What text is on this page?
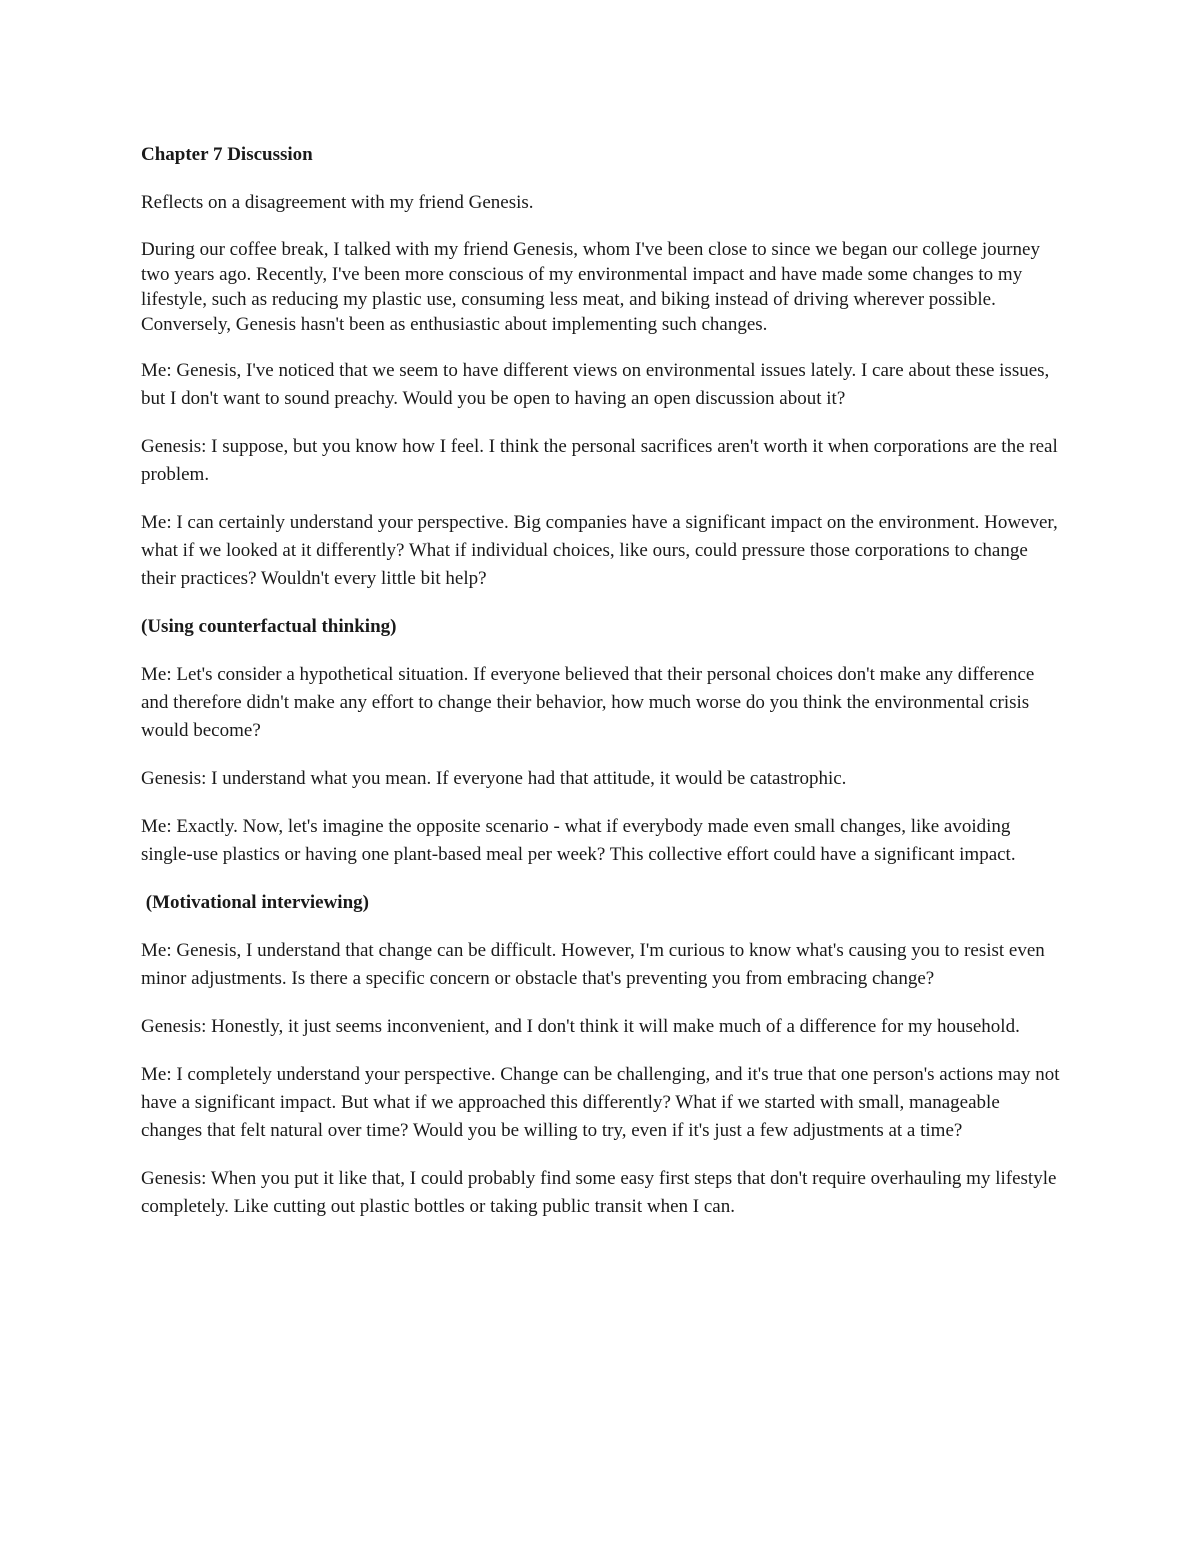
Chapter 7 Discussion

Reflects on a disagreement with my friend Genesis.

During our coffee break, I talked with my friend Genesis, whom I've been close to since we began our college journey two years ago. Recently, I've been more conscious of my environmental impact and have made some changes to my lifestyle, such as reducing my plastic use, consuming less meat, and biking instead of driving wherever possible. Conversely, Genesis hasn't been as enthusiastic about implementing such changes.

Me: Genesis, I've noticed that we seem to have different views on environmental issues lately. I care about these issues, but I don't want to sound preachy. Would you be open to having an open discussion about it?

Genesis: I suppose, but you know how I feel. I think the personal sacrifices aren't worth it when corporations are the real problem.

Me: I can certainly understand your perspective. Big companies have a significant impact on the environment. However, what if we looked at it differently? What if individual choices, like ours, could pressure those corporations to change their practices? Wouldn't every little bit help?

(Using counterfactual thinking)

Me: Let's consider a hypothetical situation. If everyone believed that their personal choices don't make any difference and therefore didn't make any effort to change their behavior, how much worse do you think the environmental crisis would become?

Genesis: I understand what you mean. If everyone had that attitude, it would be catastrophic.

Me: Exactly. Now, let's imagine the opposite scenario - what if everybody made even small changes, like avoiding single-use plastics or having one plant-based meal per week? This collective effort could have a significant impact.

(Motivational interviewing)

Me: Genesis, I understand that change can be difficult. However, I'm curious to know what's causing you to resist even minor adjustments. Is there a specific concern or obstacle that's preventing you from embracing change?

Genesis: Honestly, it just seems inconvenient, and I don't think it will make much of a difference for my household.

Me: I completely understand your perspective. Change can be challenging, and it's true that one person's actions may not have a significant impact. But what if we approached this differently? What if we started with small, manageable changes that felt natural over time? Would you be willing to try, even if it's just a few adjustments at a time?

Genesis: When you put it like that, I could probably find some easy first steps that don't require overhauling my lifestyle completely. Like cutting out plastic bottles or taking public transit when I can.
